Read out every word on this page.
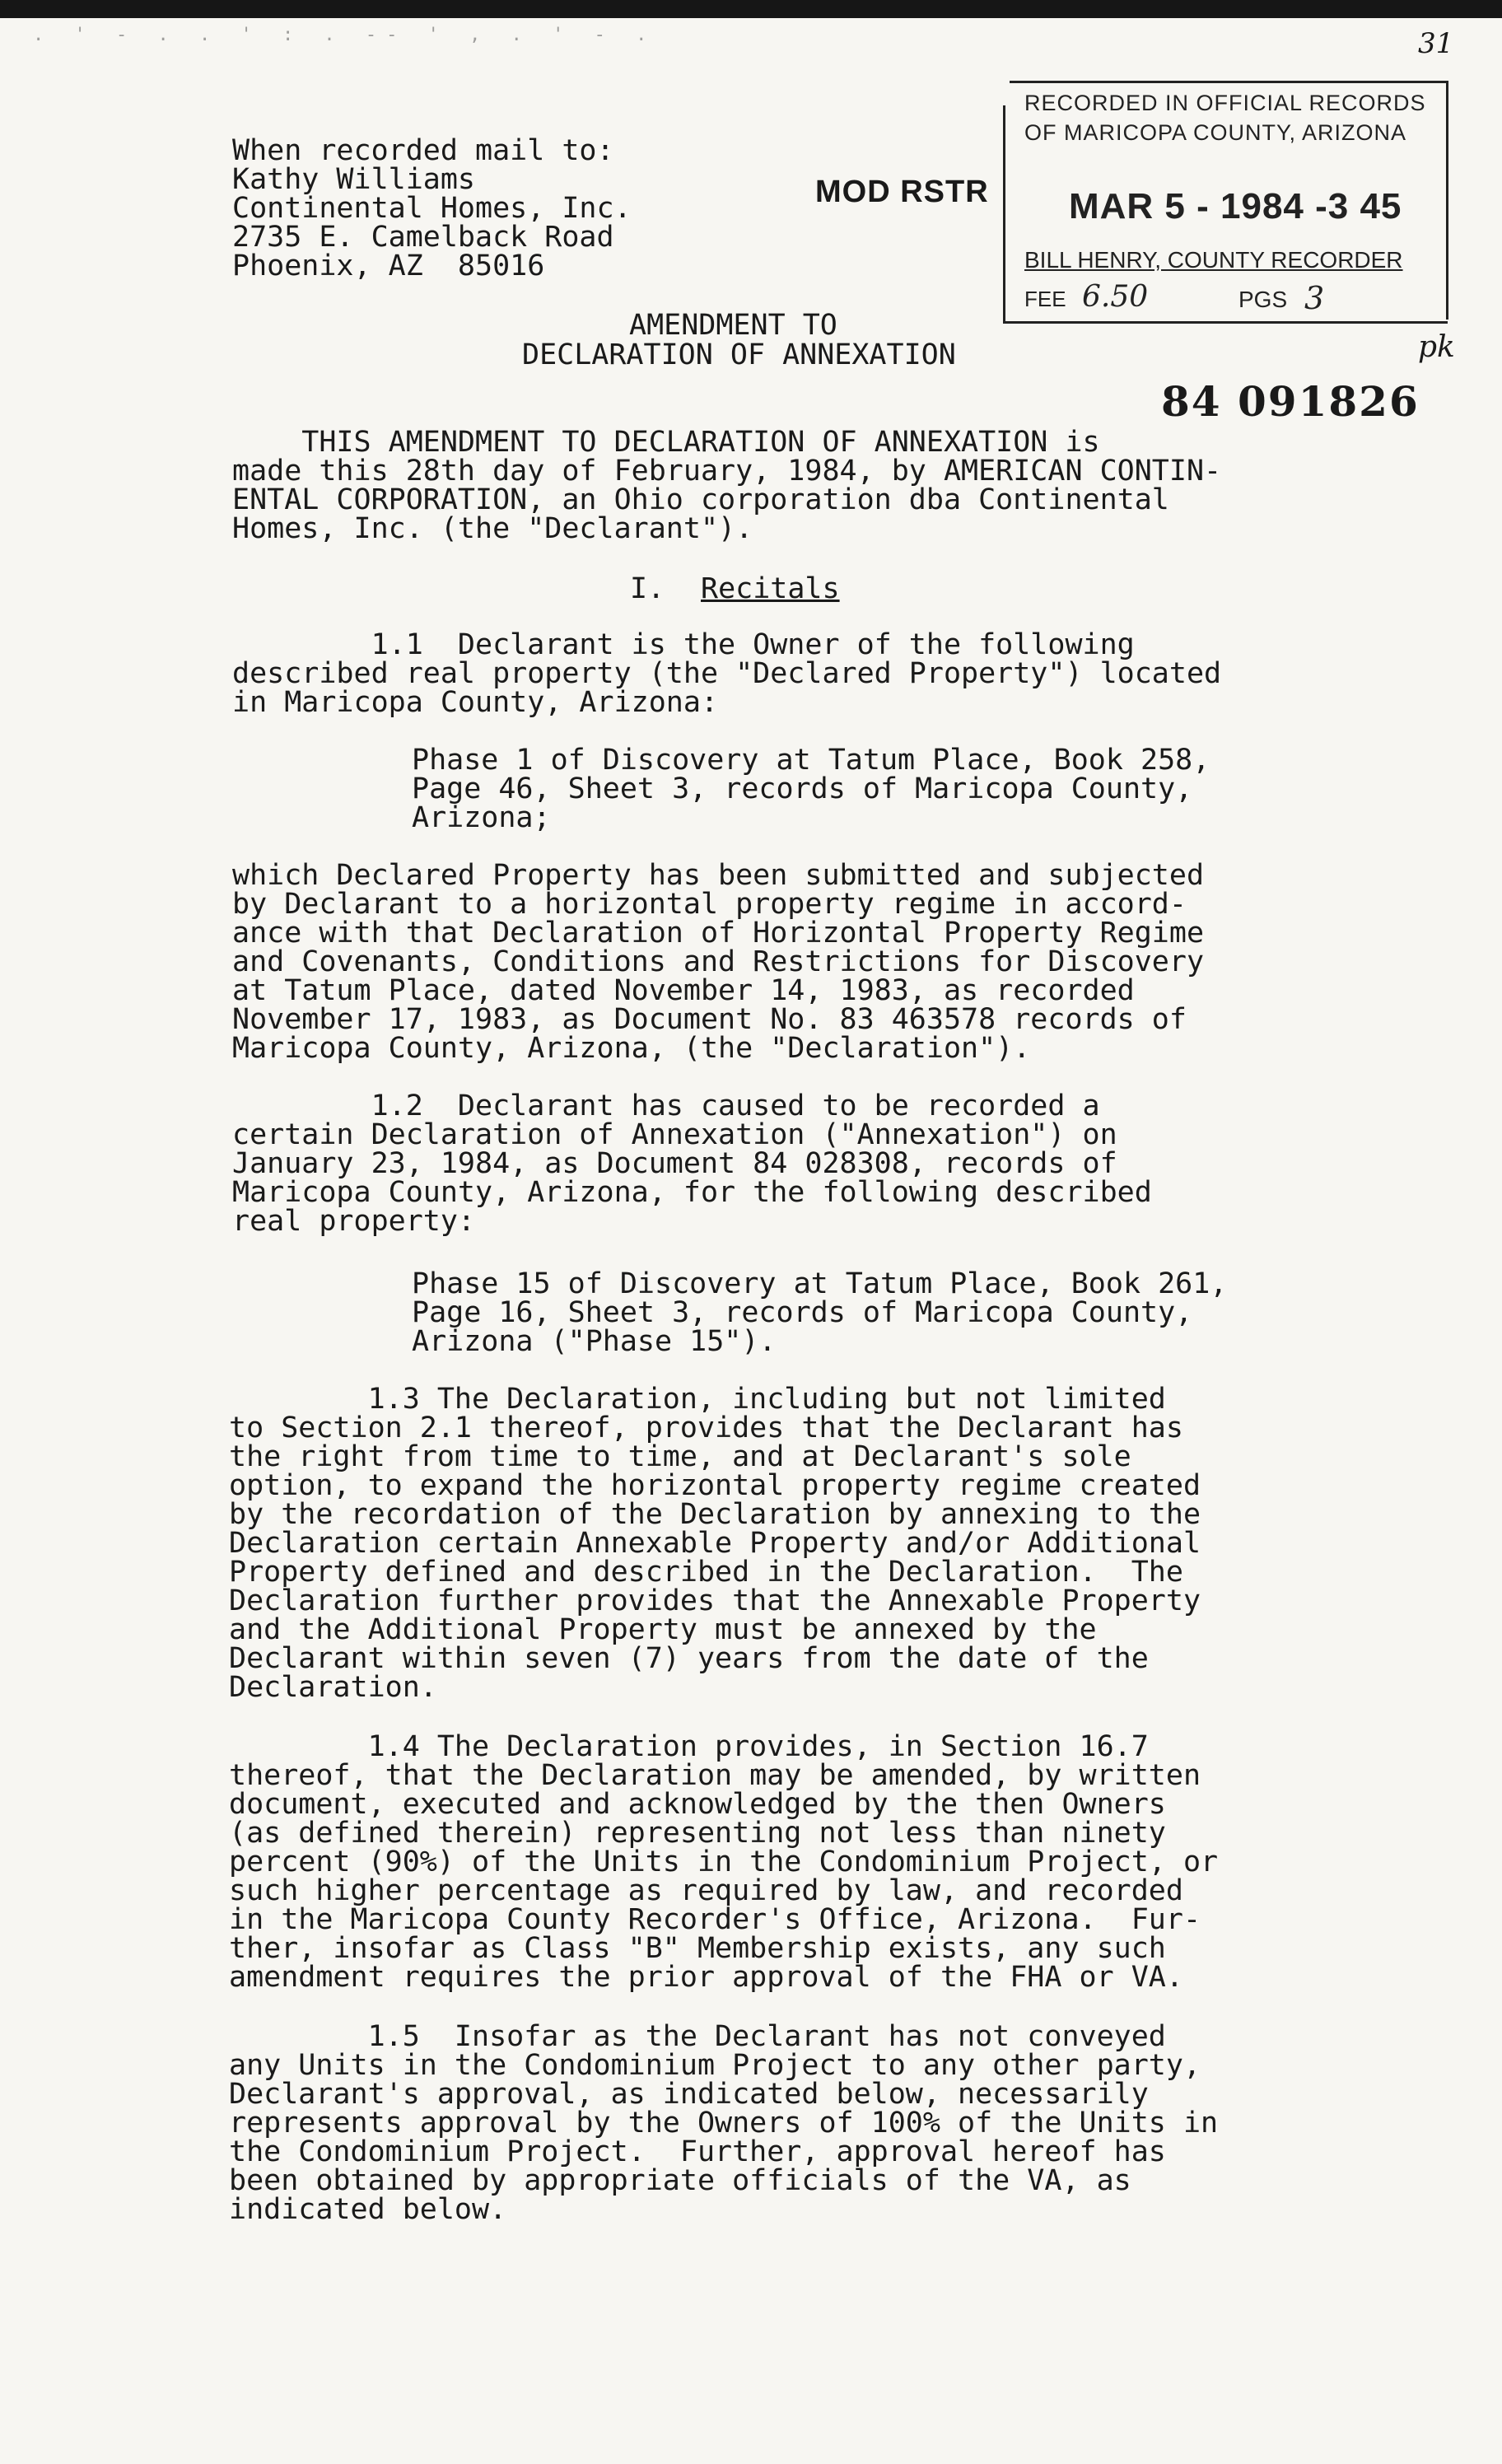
. ' - . . ' : . -- ' , . ' - .	31
When recorded mail to:
Kathy Williams
Continental Homes, Inc.
2735 E. Camelback Road
Phoenix, AZ  85016
MOD RSTR
RECORDED IN OFFICIAL RECORDS
OF MARICOPA COUNTY, ARIZONA
MAR 5 - 1984 -3 45
BILL HENRY, COUNTY RECORDER
FEE 6.50	PGS 3
AMENDMENT TO
DECLARATION OF ANNEXATION	pk
84 091826
THIS AMENDMENT TO DECLARATION OF ANNEXATION is
made this 28th day of February, 1984, by AMERICAN CONTIN-
ENTAL CORPORATION, an Ohio corporation dba Continental
Homes, Inc. (the "Declarant").
I. Recitals
1.1  Declarant is the Owner of the following
described real property (the "Declared Property") located
in Maricopa County, Arizona:
Phase 1 of Discovery at Tatum Place, Book 258,
Page 46, Sheet 3, records of Maricopa County,
Arizona;
which Declared Property has been submitted and subjected
by Declarant to a horizontal property regime in accord-
ance with that Declaration of Horizontal Property Regime
and Covenants, Conditions and Restrictions for Discovery
at Tatum Place, dated November 14, 1983, as recorded
November 17, 1983, as Document No. 83 463578 records of
Maricopa County, Arizona, (the "Declaration").
1.2  Declarant has caused to be recorded a
certain Declaration of Annexation ("Annexation") on
January 23, 1984, as Document 84 028308, records of
Maricopa County, Arizona, for the following described
real property:
Phase 15 of Discovery at Tatum Place, Book 261,
Page 16, Sheet 3, records of Maricopa County,
Arizona ("Phase 15").
1.3 The Declaration, including but not limited
to Section 2.1 thereof, provides that the Declarant has
the right from time to time, and at Declarant's sole
option, to expand the horizontal property regime created
by the recordation of the Declaration by annexing to the
Declaration certain Annexable Property and/or Additional
Property defined and described in the Declaration.  The
Declaration further provides that the Annexable Property
and the Additional Property must be annexed by the
Declarant within seven (7) years from the date of the
Declaration.
1.4 The Declaration provides, in Section 16.7
thereof, that the Declaration may be amended, by written
document, executed and acknowledged by the then Owners
(as defined therein) representing not less than ninety
percent (90%) of the Units in the Condominium Project, or
such higher percentage as required by law, and recorded
in the Maricopa County Recorder's Office, Arizona.  Fur-
ther, insofar as Class "B" Membership exists, any such
amendment requires the prior approval of the FHA or VA.
1.5  Insofar as the Declarant has not conveyed
any Units in the Condominium Project to any other party,
Declarant's approval, as indicated below, necessarily
represents approval by the Owners of 100% of the Units in
the Condominium Project.  Further, approval hereof has
been obtained by appropriate officials of the VA, as
indicated below.
